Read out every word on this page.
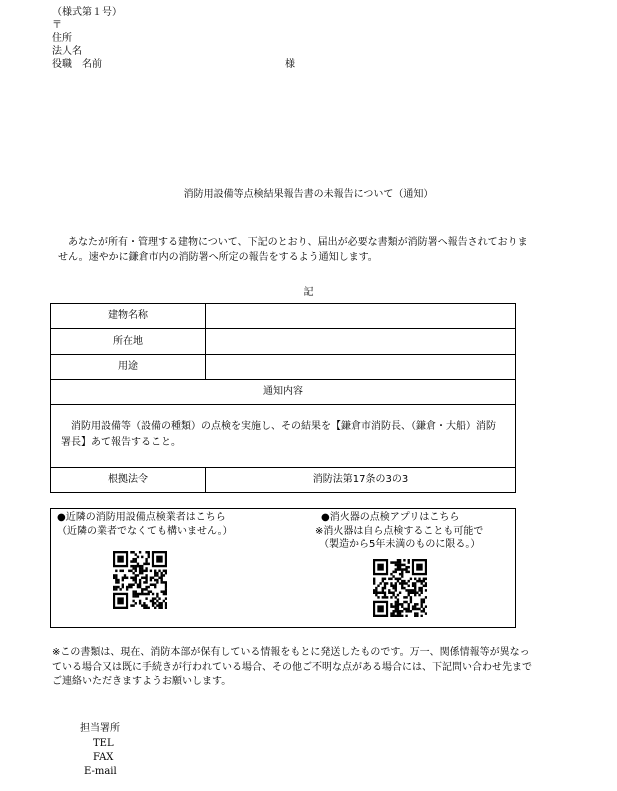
（様式第１号）
〒
住所
法人名
役職　名前	様
消防用設備等点検結果報告書の未報告について（通知）
　あなたが所有・管理する建物について、下記のとおり、届出が必要な書類が消防署へ報告されておりません。速やかに鎌倉市内の消防署へ所定の報告をするよう通知します。
記
建物名称	
所在地	
用途	
通知内容	
　消防用設備等（設備の種類）の点検を実施し、その結果を【鎌倉市消防長、（鎌倉・大船）消防署長】あて報告すること。	
根拠法令	消防法第17条の3の3
●近隣の消防用設備点検業者はこちら
（近隣の業者でなくても構いません。）
●消火器の点検アプリはこちら
※消火器は自ら点検することも可能で
（製造から5年未満のものに限る。）
※この書類は、現在、消防本部が保有している情報をもとに発送したものです。万一、関係情報等が異なっている場合又は既に手続きが行われている場合、その他ご不明な点がある場合には、下記問い合わせ先までご連絡いただきますようお願いします。
担当署所
TEL
FAX
E-mail
